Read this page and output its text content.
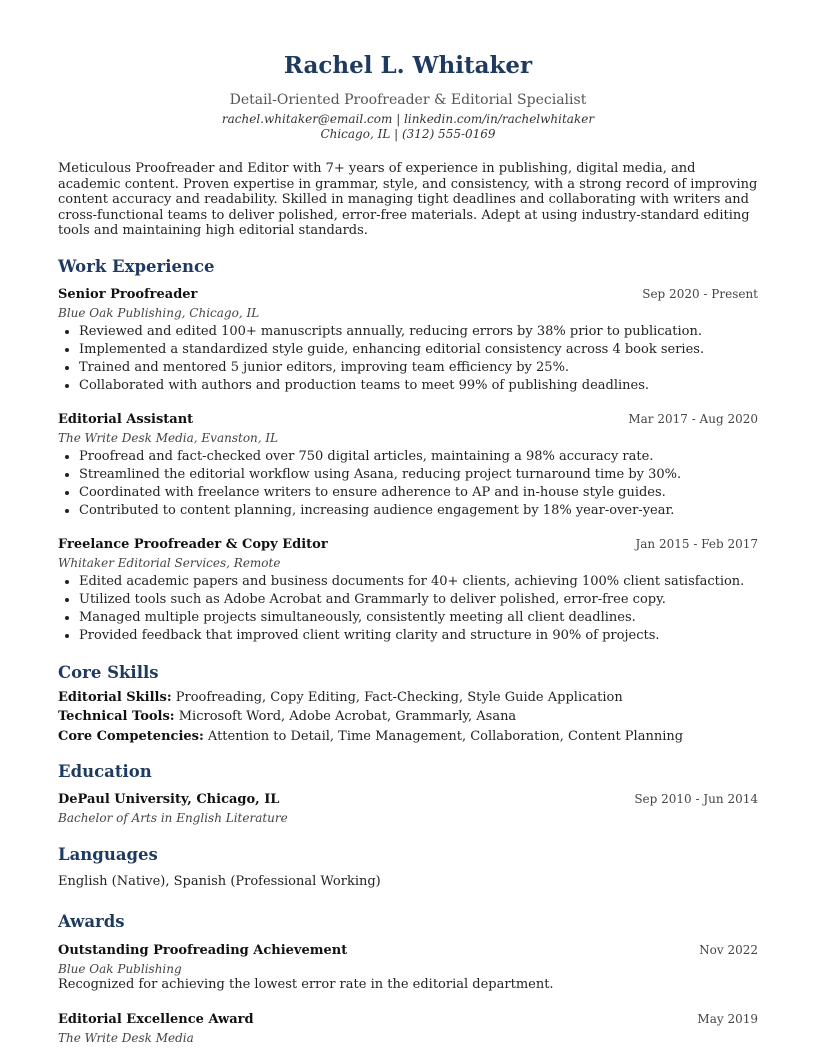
Rachel L. Whitaker
Detail-Oriented Proofreader & Editorial Specialist
rachel.whitaker@email.com | linkedin.com/in/rachelwhitaker
Chicago, IL | (312) 555-0169

Meticulous Proofreader and Editor with 7+ years of experience in publishing, digital media, and academic content. Proven expertise in grammar, style, and consistency, with a strong record of improving content accuracy and readability. Skilled in managing tight deadlines and collaborating with writers and cross-functional teams to deliver polished, error-free materials. Adept at using industry-standard editing tools and maintaining high editorial standards.

Work Experience
Senior Proofreader	Sep 2020 - Present
Blue Oak Publishing, Chicago, IL
• Reviewed and edited 100+ manuscripts annually, reducing errors by 38% prior to publication.
• Implemented a standardized style guide, enhancing editorial consistency across 4 book series.
• Trained and mentored 5 junior editors, improving team efficiency by 25%.
• Collaborated with authors and production teams to meet 99% of publishing deadlines.
Editorial Assistant	Mar 2017 - Aug 2020
The Write Desk Media, Evanston, IL
• Proofread and fact-checked over 750 digital articles, maintaining a 98% accuracy rate.
• Streamlined the editorial workflow using Asana, reducing project turnaround time by 30%.
• Coordinated with freelance writers to ensure adherence to AP and in-house style guides.
• Contributed to content planning, increasing audience engagement by 18% year-over-year.
Freelance Proofreader & Copy Editor	Jan 2015 - Feb 2017
Whitaker Editorial Services, Remote
• Edited academic papers and business documents for 40+ clients, achieving 100% client satisfaction.
• Utilized tools such as Adobe Acrobat and Grammarly to deliver polished, error-free copy.
• Managed multiple projects simultaneously, consistently meeting all client deadlines.
• Provided feedback that improved client writing clarity and structure in 90% of projects.
Core Skills
Editorial Skills: Proofreading, Copy Editing, Fact-Checking, Style Guide Application
Technical Tools: Microsoft Word, Adobe Acrobat, Grammarly, Asana
Core Competencies: Attention to Detail, Time Management, Collaboration, Content Planning
Education
DePaul University, Chicago, IL	Sep 2010 - Jun 2014
Bachelor of Arts in English Literature
Languages
English (Native), Spanish (Professional Working)
Awards
Outstanding Proofreading Achievement	Nov 2022
Blue Oak Publishing
Recognized for achieving the lowest error rate in the editorial department.
Editorial Excellence Award	May 2019
The Write Desk Media
